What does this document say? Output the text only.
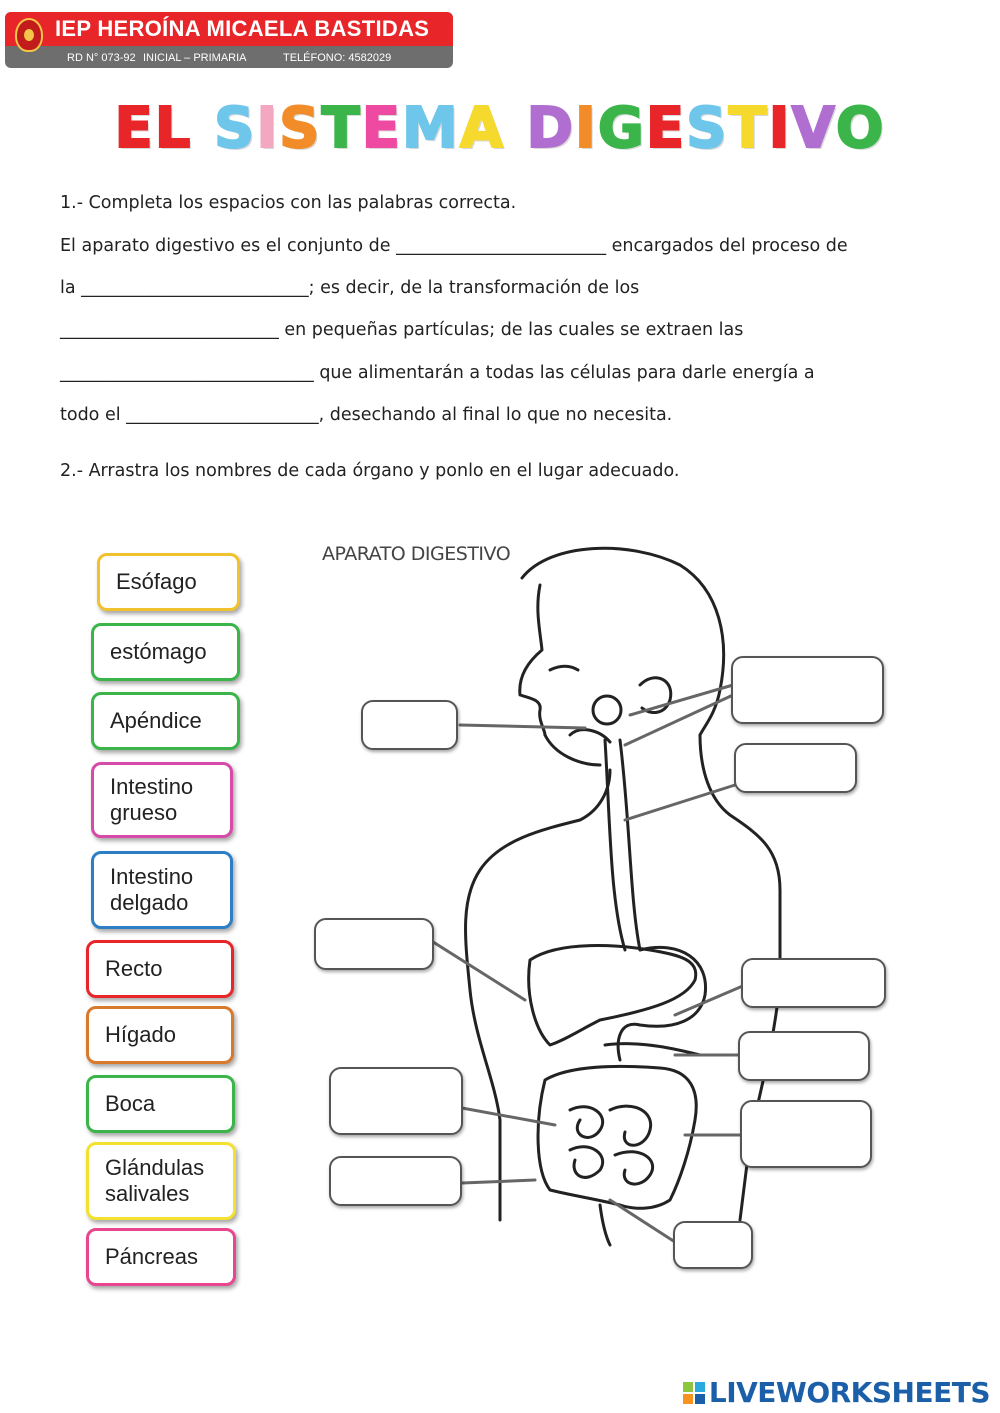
IEP HEROÍNA MICAELA BASTIDAS
RD N° 073-92 INICIAL – PRIMARIA	TELÉFONO: 4582029
EL SISTEMA DIGESTIVO
1.- Completa los espacios con las palabras correcta.
El aparato digestivo es el conjunto de ________________________ encargados del proceso de
la __________________________; es decir, de la transformación de los
_________________________ en pequeñas partículas; de las cuales se extraen las
_____________________________ que alimentarán a todas las células para darle energía a
todo el ______________________, desechando al final lo que no necesita.
2.- Arrastra los nombres de cada órgano y ponlo en el lugar adecuado.
Esófago
estómago
Apéndice
Intestino
grueso
Intestino
delgado
Recto
Hígado
Boca
Glándulas
salivales
Páncreas
APARATO DIGESTIVO
LIVEWORKSHEETS
